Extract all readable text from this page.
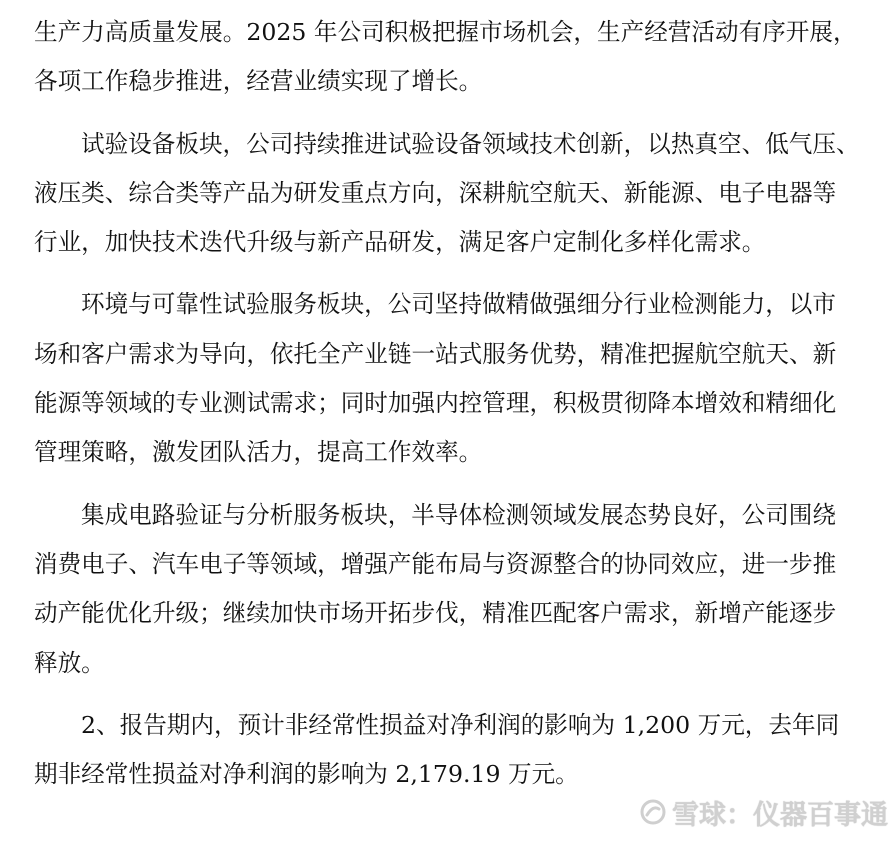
生产力高质量发展。2025 年公司积极把握市场机会，生产经营活动有序开展，
各项工作稳步推进，经营业绩实现了增长。

试验设备板块，公司持续推进试验设备领域技术创新，以热真空、低气压、
液压类、综合类等产品为研发重点方向，深耕航空航天、新能源、电子电器等
行业，加快技术迭代升级与新产品研发，满足客户定制化多样化需求。

环境与可靠性试验服务板块，公司坚持做精做强细分行业检测能力，以市
场和客户需求为导向，依托全产业链一站式服务优势，精准把握航空航天、新
能源等领域的专业测试需求；同时加强内控管理，积极贯彻降本增效和精细化
管理策略，激发团队活力，提高工作效率。

集成电路验证与分析服务板块，半导体检测领域发展态势良好，公司围绕
消费电子、汽车电子等领域，增强产能布局与资源整合的协同效应，进一步推
动产能优化升级；继续加快市场开拓步伐，精准匹配客户需求，新增产能逐步
释放。

2、报告期内，预计非经常性损益对净利润的影响为 1,200 万元，去年同
期非经常性损益对净利润的影响为 2,179.19 万元。

雪球：仪器百事通
